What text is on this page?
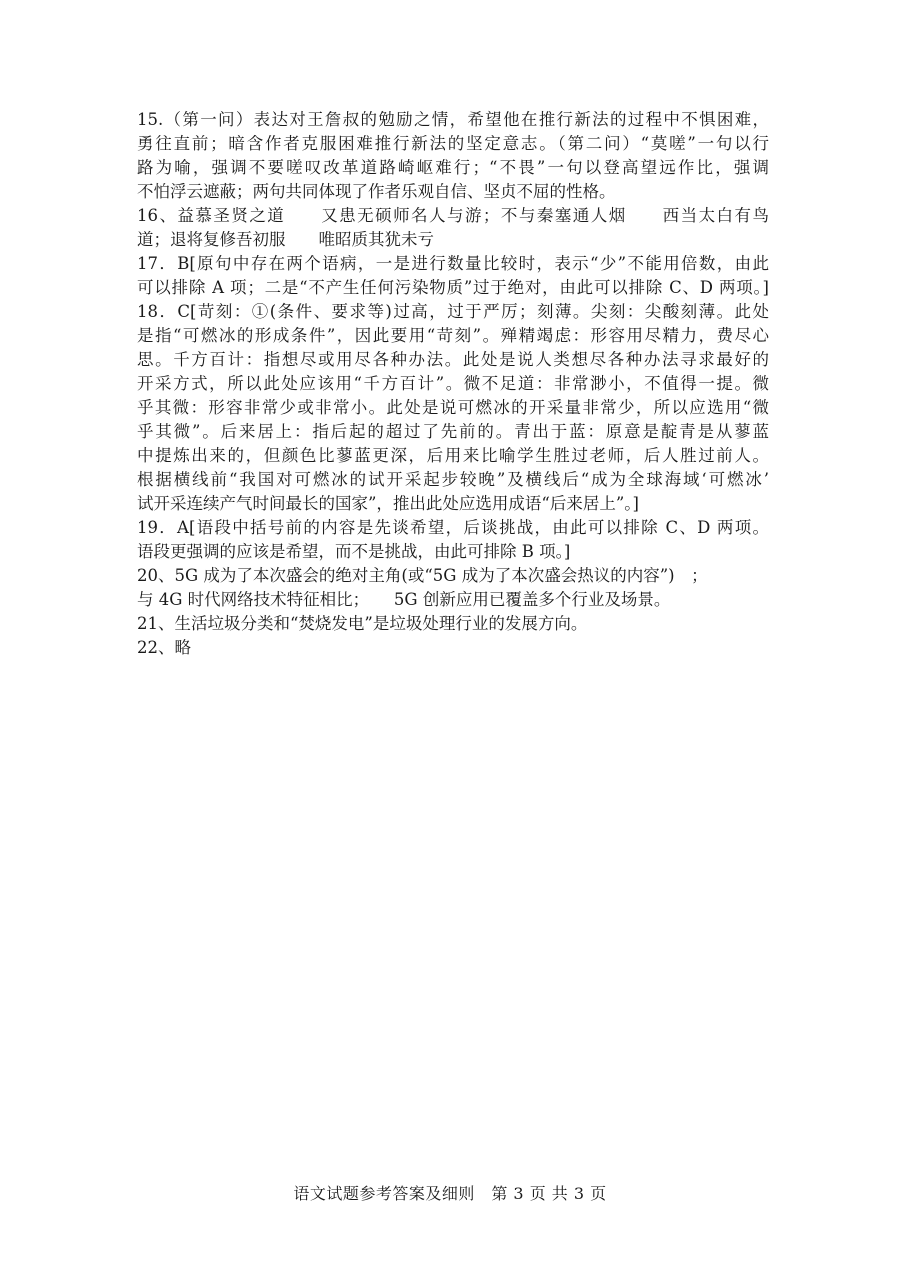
15.（第一问）表达对王詹叔的勉励之情，希望他在推行新法的过程中不惧困难，
勇往直前；暗含作者克服困难推行新法的坚定意志。（第二问）“莫嗟”一句以行
路为喻，强调不要嗟叹改革道路崎岖难行；“不畏”一句以登高望远作比，强调
不怕浮云遮蔽；两句共同体现了作者乐观自信、坚贞不屈的性格。
16、益慕圣贤之道　　又患无硕师名人与游；不与秦塞通人烟　　西当太白有鸟
道；退将复修吾初服　　唯昭质其犹未亏
17．B[原句中存在两个语病，一是进行数量比较时，表示“少”不能用倍数，由此
可以排除 A 项；二是“不产生任何污染物质”过于绝对，由此可以排除 C、D 两项。]
18．C[苛刻：①(条件、要求等)过高，过于严厉；刻薄。尖刻：尖酸刻薄。此处
是指“可燃冰的形成条件”，因此要用“苛刻”。殚精竭虑：形容用尽精力，费尽心
思。千方百计：指想尽或用尽各种办法。此处是说人类想尽各种办法寻求最好的
开采方式，所以此处应该用“千方百计”。微不足道：非常渺小，不值得一提。微
乎其微：形容非常少或非常小。此处是说可燃冰的开采量非常少，所以应选用“微
乎其微”。后来居上：指后起的超过了先前的。青出于蓝：原意是靛青是从蓼蓝
中提炼出来的，但颜色比蓼蓝更深，后用来比喻学生胜过老师，后人胜过前人。
根据横线前“我国对可燃冰的试开采起步较晚”及横线后“成为全球海域‘可燃冰’
试开采连续产气时间最长的国家”，推出此处应选用成语“后来居上”。]
19．A[语段中括号前的内容是先谈希望，后谈挑战，由此可以排除 C、D 两项。
语段更强调的应该是希望，而不是挑战，由此可排除 B 项。]
20、5G 成为了本次盛会的绝对主角(或“5G 成为了本次盛会热议的内容”)　；
与 4G 时代网络技术特征相比；　　5G 创新应用已覆盖多个行业及场景。
21、生活垃圾分类和“焚烧发电”是垃圾处理行业的发展方向。
22、略
语文试题参考答案及细则　第 3 页 共 3 页
